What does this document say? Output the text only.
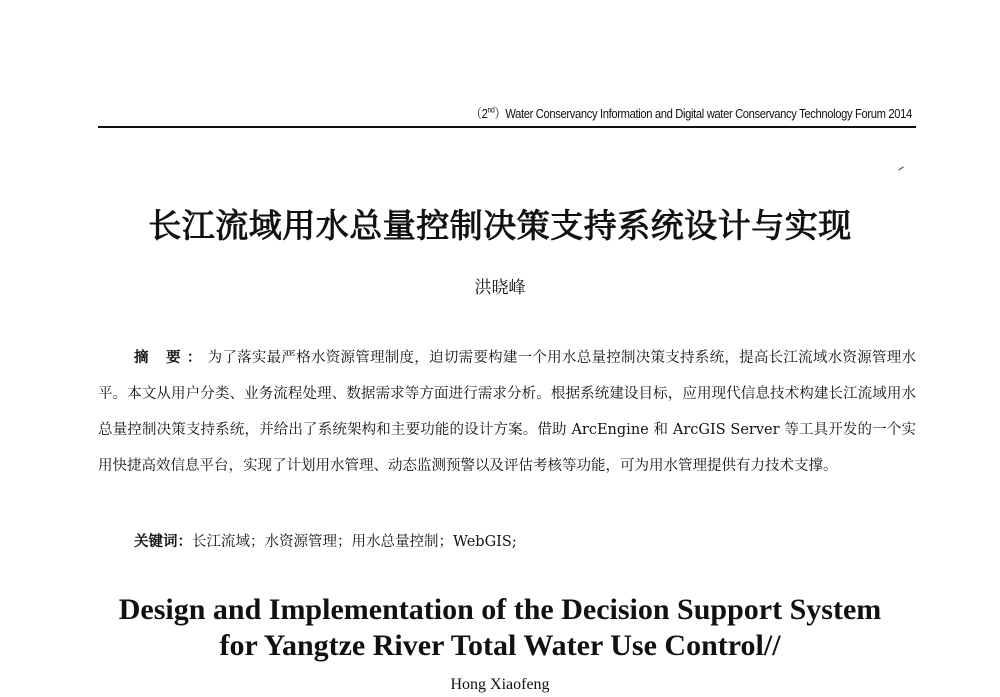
（2nd）Water Conservancy Information and Digital water Conservancy Technology Forum 2014
长江流域用水总量控制决策支持系统设计与实现
洪晓峰
摘 要：为了落实最严格水资源管理制度，迫切需要构建一个用水总量控制决策支持系统，提高长江流域水资源管理水平。本文从用户分类、业务流程处理、数据需求等方面进行需求分析。根据系统建设目标，应用现代信息技术构建长江流域用水总量控制决策支持系统，并给出了系统架构和主要功能的设计方案。借助 ArcEngine 和 ArcGIS Server 等工具开发的一个实用快捷高效信息平台，实现了计划用水管理、动态监测预警以及评估考核等功能，可为用水管理提供有力技术支撑。
关键词：长江流域；水资源管理；用水总量控制；WebGIS;
Design and Implementation of the Decision Support System
for Yangtze River Total Water Use Control//
Hong Xiaofeng
